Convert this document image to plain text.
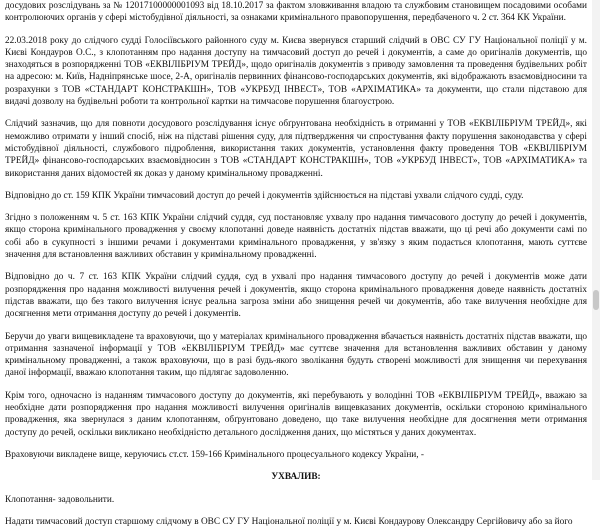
досудових розслідувань за № 12017100000001093 від 18.10.2017 за фактом зловживання владою та службовим становищем посадовими особами контролюючих органів у сфері містобудівної діяльності, за ознаками кримінального правопорушення, передбаченого ч. 2 ст. 364 КК України.

22.03.2018 року до слідчого судді Голосіївського районного суду м. Києва звернувся старший слідчий в ОВС СУ ГУ Національної поліції у м. Києві Кондауров О.С., з клопотанням про надання доступу на тимчасовий доступ до речей і документів, а саме до оригіналів документів, що знаходяться в розпорядженні ТОВ «ЕКВІЛІБРІУМ ТРЕЙД», щодо оригіналів документів з приводу замовлення та проведення будівельних робіт на адресою: м. Київ, Надніпрянське шосе, 2-А, оригіналів первинних фінансово-господарських документів, які відображають взаємовідносини та розрахунки з ТОВ «СТАНДАРТ КОНСТРАКШН», ТОВ «УКРБУД ІНВЕСТ», ТОВ «АРХІМАТИКА» та документи, що стали підставою для видачі дозволу на будівельні роботи та контрольної картки на тимчасове порушення благоустрою.

Слідчий зазначив, що для повноти досудового розслідування існує обґрунтована необхідність в отриманні у ТОВ «ЕКВІЛІБРІУМ ТРЕЙД», які неможливо отримати у інший спосіб, ніж на підставі рішення суду, для підтвердження чи спростування факту порушення законодавства у сфері містобудівної діяльності, службового підроблення, використання таких документів, установлення факту проведення ТОВ «ЕКВІЛІБРІУМ ТРЕЙД» фінансово-господарських взаємовідносин з ТОВ «СТАНДАРТ КОНСТРАКШН», ТОВ «УКРБУД ІНВЕСТ», ТОВ «АРХІМАТИКА» та використання даних відомостей як доказ у даному кримінальному провадженні.

Відповідно до ст. 159 КПК України тимчасовий доступ до речей і документів здійснюється на підставі ухвали слідчого судді, суду.

Згідно з положенням ч. 5 ст. 163 КПК України слідчий суддя, суд постановляє ухвалу про надання тимчасового доступу до речей і документів, якщо сторона кримінального провадження у своєму клопотанні доведе наявність достатніх підстав вважати, що ці речі або документи самі по собі або в сукупності з іншими речами і документами кримінального провадження, у зв'язку з яким подається клопотання, мають суттєве значення для встановлення важливих обставин у кримінальному провадженні.

Відповідно до ч. 7 ст. 163 КПК України слідчий суддя, суд в ухвалі про надання тимчасового доступу до речей і документів може дати розпорядження про надання можливості вилучення речей і документів, якщо сторона кримінального провадження доведе наявність достатніх підстав вважати, що без такого вилучення існує реальна загроза зміни або знищення речей чи документів, або таке вилучення необхідне для досягнення мети отримання доступу до речей і документів.

Беручи до уваги вищевикладене та враховуючи, що у матеріалах кримінального провадження вбачається наявність достатніх підстав вважати, що отримання зазначеної інформації у ТОВ «ЕКВІЛІБРІУМ ТРЕЙД» має суттєве значення для встановлення важливих обставин у даному кримінальному провадженні, а також враховуючи, що в разі будь-якого зволікання будуть створені можливості для знищення чи перехування даної інформації, вважаю клопотання таким, що підлягає задоволенню.

Крім того, одночасно із наданням тимчасового доступу до документів, які перебувають у володінні ТОВ «ЕКВІЛІБРІУМ ТРЕЙД», вважаю за необхідне дати розпорядження про надання можливості вилучення оригіналів вищевказаних документів, оскільки стороною кримінального провадження, яка звернулася з даним клопотанням, обґрунтовано доведено, що таке вилучення необхідне для досягнення мети отримання доступу до речей, оскільки викликано необхідністю детального дослідження даних, що містяться у даних документах.

Враховуючи викладене вище, керуючись ст.ст. 159-166 Кримінального процесуального кодексу України, -

УХВАЛИВ:

Клопотання- задовольнити.

Надати тимчасовий доступ старшому слідчому в ОВС СУ ГУ Національної поліції у м. Києві Кондаурову Олександру Сергійовичу або за його
